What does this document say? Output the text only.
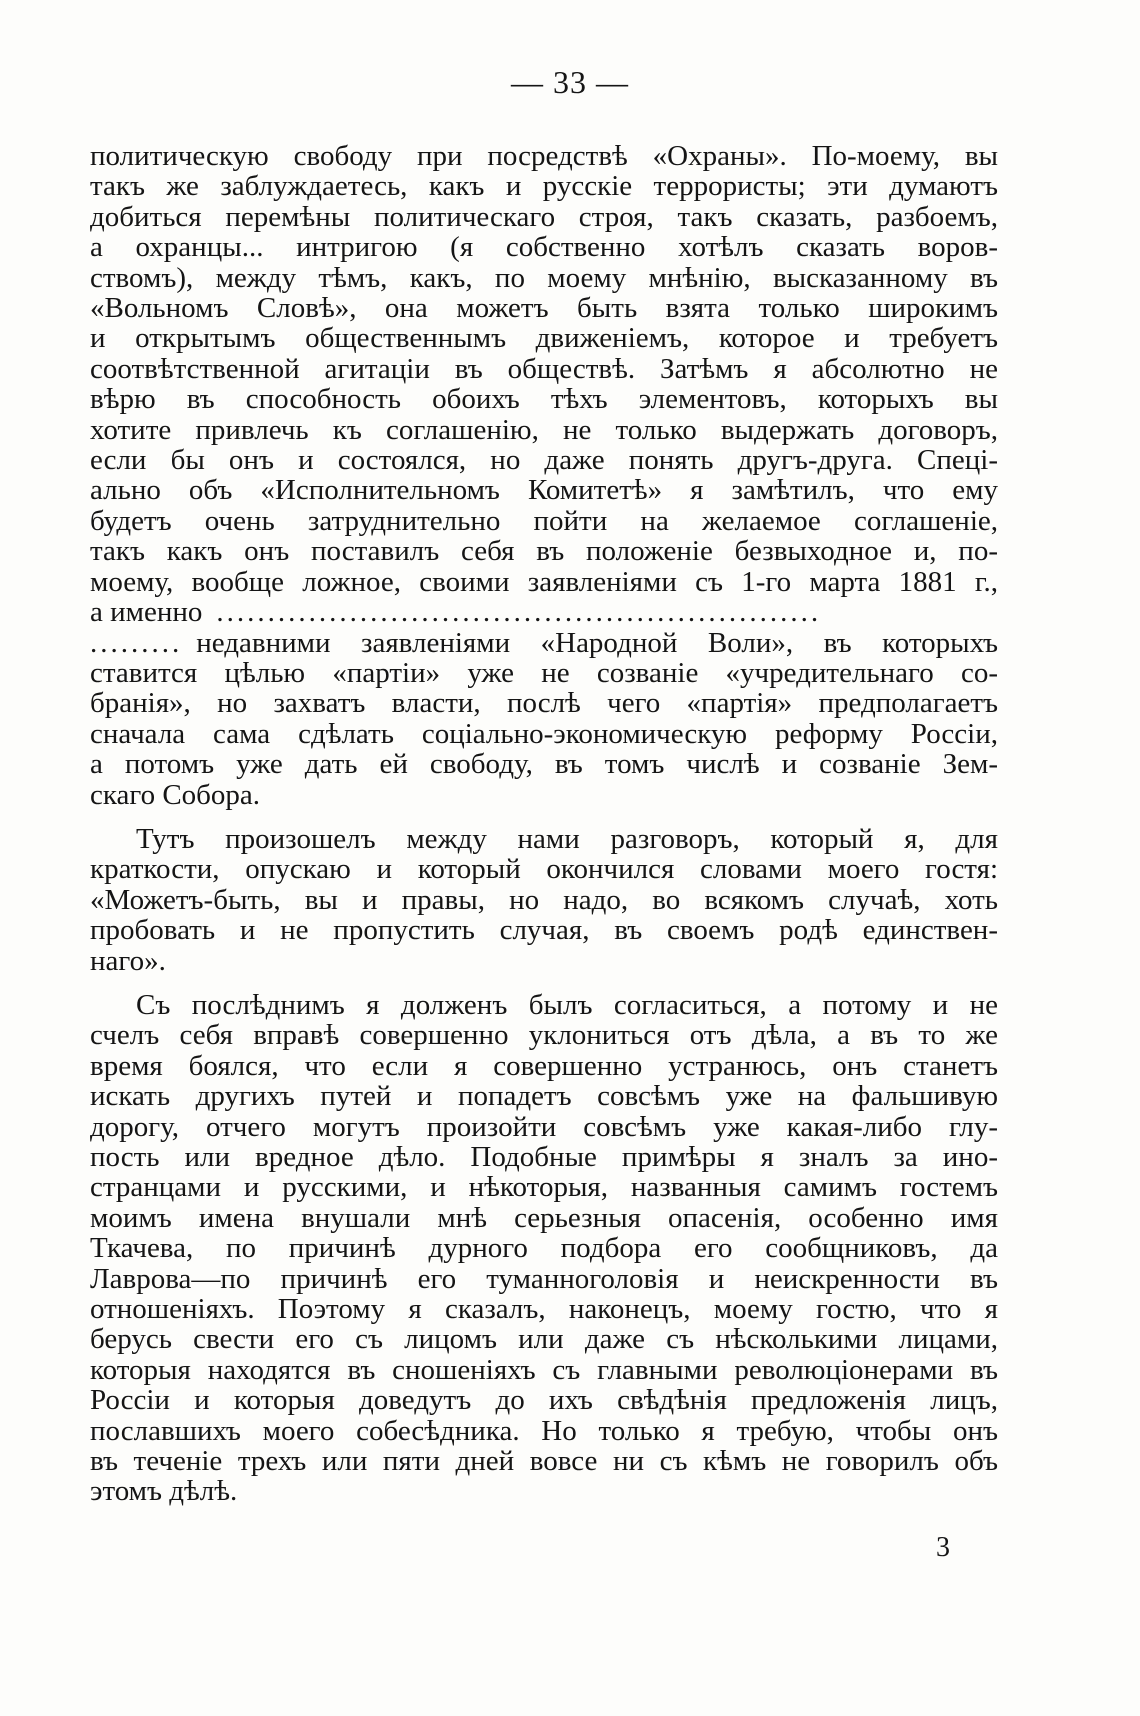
— 33 —

политическую свободу при посредствѣ «Охраны». По-моему, вы
такъ же заблуждаетесь, какъ и русскіе террористы; эти думаютъ
добиться перемѣны политическаго строя, такъ сказать, разбоемъ,
а охранцы... интригою (я собственно хотѣлъ сказать воров-
ствомъ), между тѣмъ, какъ, по моему мнѣнію, высказанному въ
«Вольномъ Словѣ», она можетъ быть взята только широкимъ
и открытымъ общественнымъ движеніемъ, которое и требуетъ
соотвѣтственной агитаціи въ обществѣ. Затѣмъ я абсолютно не
вѣрю въ способность обоихъ тѣхъ элементовъ, которыхъ вы
хотите привлечь къ соглашенію, не только выдержать договоръ,
если бы онъ и состоялся, но даже понять другъ-друга. Спеці-
ально объ «Исполнительномъ Комитетѣ» я замѣтилъ, что ему
будетъ очень затруднительно пойти на желаемое соглашеніе,
такъ какъ онъ поставилъ себя въ положеніе безвыходное и, по-
моему, вообще ложное, своими заявленіями съ 1-го марта 1881 г.,
а именно ...........................................................
......... недавними заявленіями «Народной Воли», въ которыхъ
ставится цѣлью «партіи» уже не созваніе «учредительнаго со-
бранія», но захватъ власти, послѣ чего «партія» предполагаетъ
сначала сама сдѣлать соціально-экономическую реформу Россіи,
а потомъ уже дать ей свободу, въ томъ числѣ и созваніе Зем-
скаго Собора.

Тутъ произошелъ между нами разговоръ, который я, для
краткости, опускаю и который окончился словами моего гостя:
«Можетъ-быть, вы и правы, но надо, во всякомъ случаѣ, хоть
пробовать и не пропустить случая, въ своемъ родѣ единствен-
наго».

Съ послѣднимъ я долженъ былъ согласиться, а потому и не
счелъ себя вправѣ совершенно уклониться отъ дѣла, а въ то же
время боялся, что если я совершенно устранюсь, онъ станетъ
искать другихъ путей и попадетъ совсѣмъ уже на фальшивую
дорогу, отчего могутъ произойти совсѣмъ уже какая-либо глу-
пость или вредное дѣло. Подобные примѣры я зналъ за ино-
странцами и русскими, и нѣкоторыя, названныя самимъ гостемъ
моимъ имена внушали мнѣ серьезныя опасенія, особенно имя
Ткачева, по причинѣ дурного подбора его сообщниковъ, да
Лаврова—по причинѣ его туманноголовія и неискренности въ
отношеніяхъ. Поэтому я сказалъ, наконецъ, моему гостю, что я
берусь свести его съ лицомъ или даже съ нѣсколькими лицами,
которыя находятся въ сношеніяхъ съ главными революціонерами въ
Россіи и которыя доведутъ до ихъ свѣдѣнія предложенія лицъ,
пославшихъ моего собесѣдника. Но только я требую, чтобы онъ
въ теченіе трехъ или пяти дней вовсе ни съ кѣмъ не говорилъ объ
этомъ дѣлѣ.

3
